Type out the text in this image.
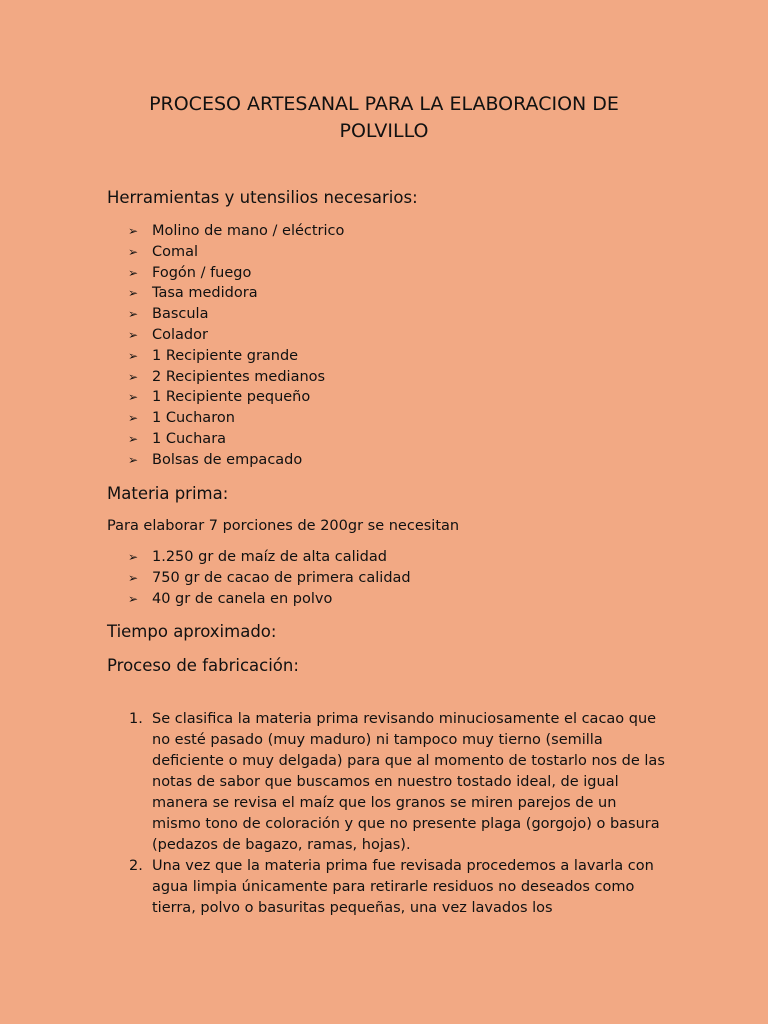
PROCESO ARTESANAL PARA LA ELABORACION DE
POLVILLO
Herramientas y utensilios necesarios:
➢ Molino de mano / eléctrico
➢ Comal
➢ Fogón / fuego
➢ Tasa medidora
➢ Bascula
➢ Colador
➢ 1 Recipiente grande
➢ 2 Recipientes medianos
➢ 1 Recipiente pequeño
➢ 1 Cucharon
➢ 1 Cuchara
➢ Bolsas de empacado
Materia prima:
Para elaborar 7 porciones de 200gr se necesitan
➢ 1.250 gr de maíz de alta calidad
➢ 750 gr de cacao de primera calidad
➢ 40 gr de canela en polvo
Tiempo aproximado:
Proceso de fabricación:
1. Se clasifica la materia prima revisando minuciosamente el cacao que no esté pasado (muy maduro) ni tampoco muy tierno (semilla deficiente o muy delgada) para que al momento de tostarlo nos de las notas de sabor que buscamos en nuestro tostado ideal, de igual manera se revisa el maíz que los granos se miren parejos de un mismo tono de coloración y que no presente plaga (gorgojo) o basura (pedazos de bagazo, ramas, hojas).
2. Una vez que la materia prima fue revisada procedemos a lavarla con agua limpia únicamente para retirarle residuos no deseados como tierra, polvo o basuritas pequeñas, una vez lavados los
